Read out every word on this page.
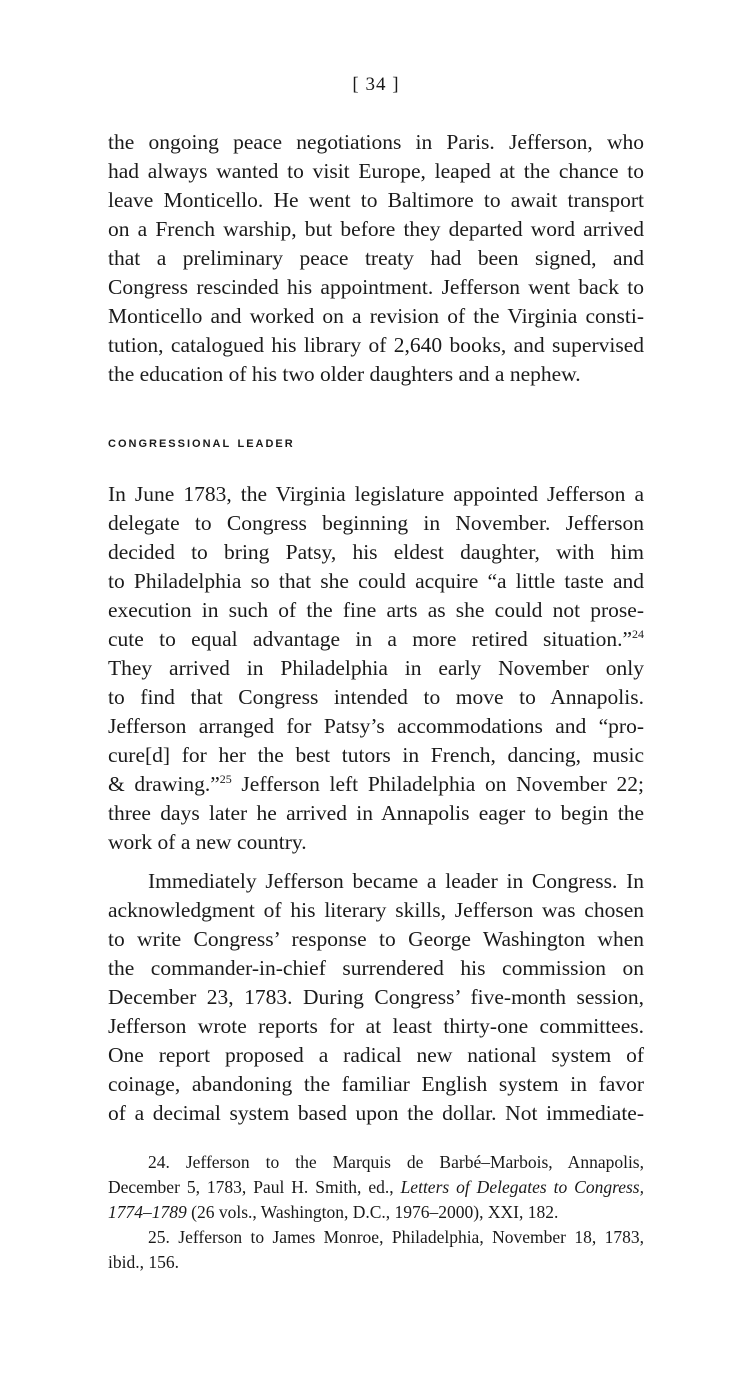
[ 34 ]
the ongoing peace negotiations in Paris. Jefferson, who
had always wanted to visit Europe, leaped at the chance to
leave Monticello. He went to Baltimore to await transport
on a French warship, but before they departed word arrived
that a preliminary peace treaty had been signed, and
Congress rescinded his appointment. Jefferson went back to
Monticello and worked on a revision of the Virginia consti-
tution, catalogued his library of 2,640 books, and supervised
the education of his two older daughters and a nephew.
congressional leader
In June 1783, the Virginia legislature appointed Jefferson a
delegate to Congress beginning in November. Jefferson
decided to bring Patsy, his eldest daughter, with him
to Philadelphia so that she could acquire “a little taste and
execution in such of the fine arts as she could not prose-
cute to equal advantage in a more retired situation.”$^{24}$
They arrived in Philadelphia in early November only
to find that Congress intended to move to Annapolis.
Jefferson arranged for Patsy’s accommodations and “pro-
cure[d] for her the best tutors in French, dancing, music
& drawing.”$^{25}$ Jefferson left Philadelphia on November 22;
three days later he arrived in Annapolis eager to begin the
work of a new country.
Immediately Jefferson became a leader in Congress. In
acknowledgment of his literary skills, Jefferson was chosen
to write Congress’ response to George Washington when
the commander-in-chief surrendered his commission on
December 23, 1783. During Congress’ five-month session,
Jefferson wrote reports for at least thirty-one committees.
One report proposed a radical new national system of
coinage, abandoning the familiar English system in favor
of a decimal system based upon the dollar. Not immediate-
24. Jefferson to the Marquis de Barbé–Marbois, Annapolis,
December 5, 1783, Paul H. Smith, ed., Letters of Delegates to Congress,
1774–1789 (26 vols., Washington, D.C., 1976–2000), XXI, 182.
25. Jefferson to James Monroe, Philadelphia, November 18, 1783,
ibid., 156.
